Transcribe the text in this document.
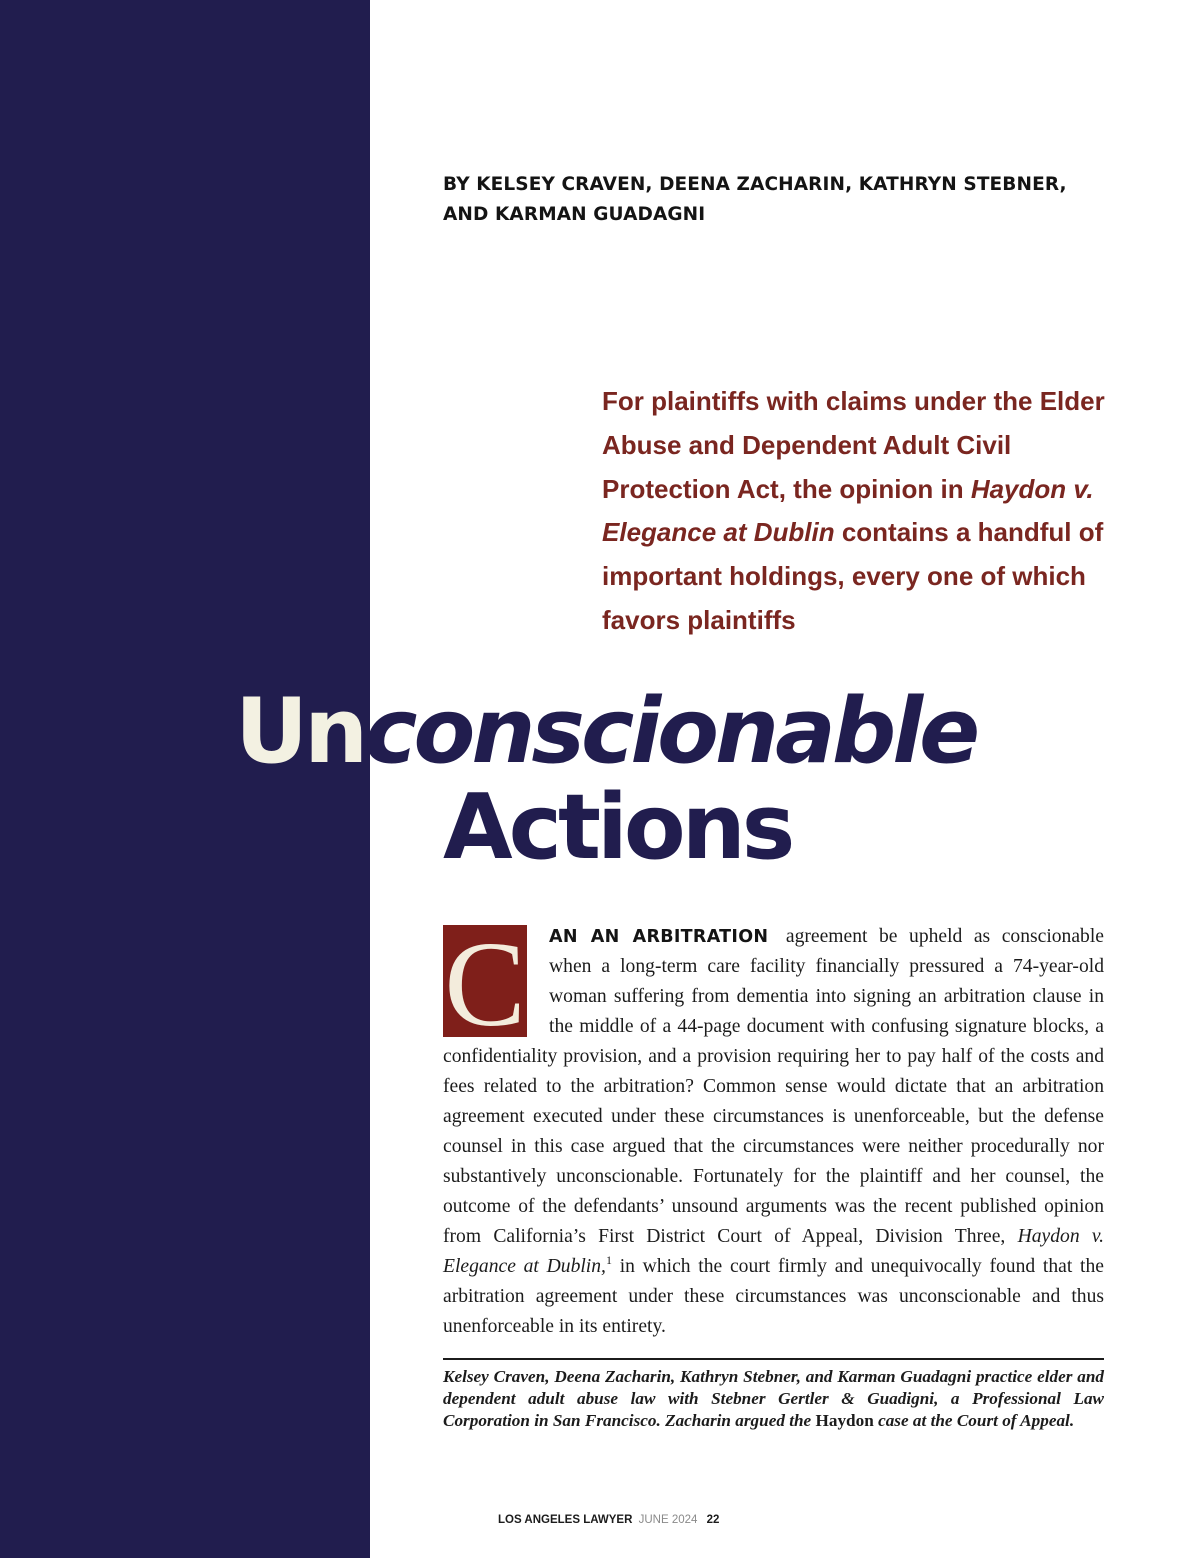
BY KELSEY CRAVEN, DEENA ZACHARIN, KATHRYN STEBNER,
AND KARMAN GUADAGNI
For plaintiffs with claims under the Elder Abuse and Dependent Adult Civil Protection Act, the opinion in Haydon v. Elegance at Dublin contains a handful of important holdings, every one of which favors plaintiffs
Unconscionable
Actions
C AN AN ARBITRATION agreement be upheld as conscionable when a long-term care facility financially pressured a 74-year-old woman suffering from dementia into signing an arbitration clause in the middle of a 44-page document with confusing signature blocks, a confidentiality provision, and a provision requiring her to pay half of the costs and fees related to the arbitration? Common sense would dictate that an arbitration agreement executed under these circumstances is unenforceable, but the defense counsel in this case argued that the circumstances were neither procedurally nor substantively unconscionable. Fortunately for the plaintiff and her counsel, the outcome of the defendants’ unsound arguments was the recent published opinion from California’s First District Court of Appeal, Division Three, Haydon v. Elegance at Dublin,$^1$ in which the court firmly and unequivocally found that the arbitration agreement under these circumstances was unconscionable and thus unenforceable in its entirety.
Kelsey Craven, Deena Zacharin, Kathryn Stebner, and Karman Guadagni practice elder and dependent adult abuse law with Stebner Gertler & Guadigni, a Professional Law Corporation in San Francisco. Zacharin argued the Haydon case at the Court of Appeal.
LOS ANGELES LAWYER JUNE 2024 22
